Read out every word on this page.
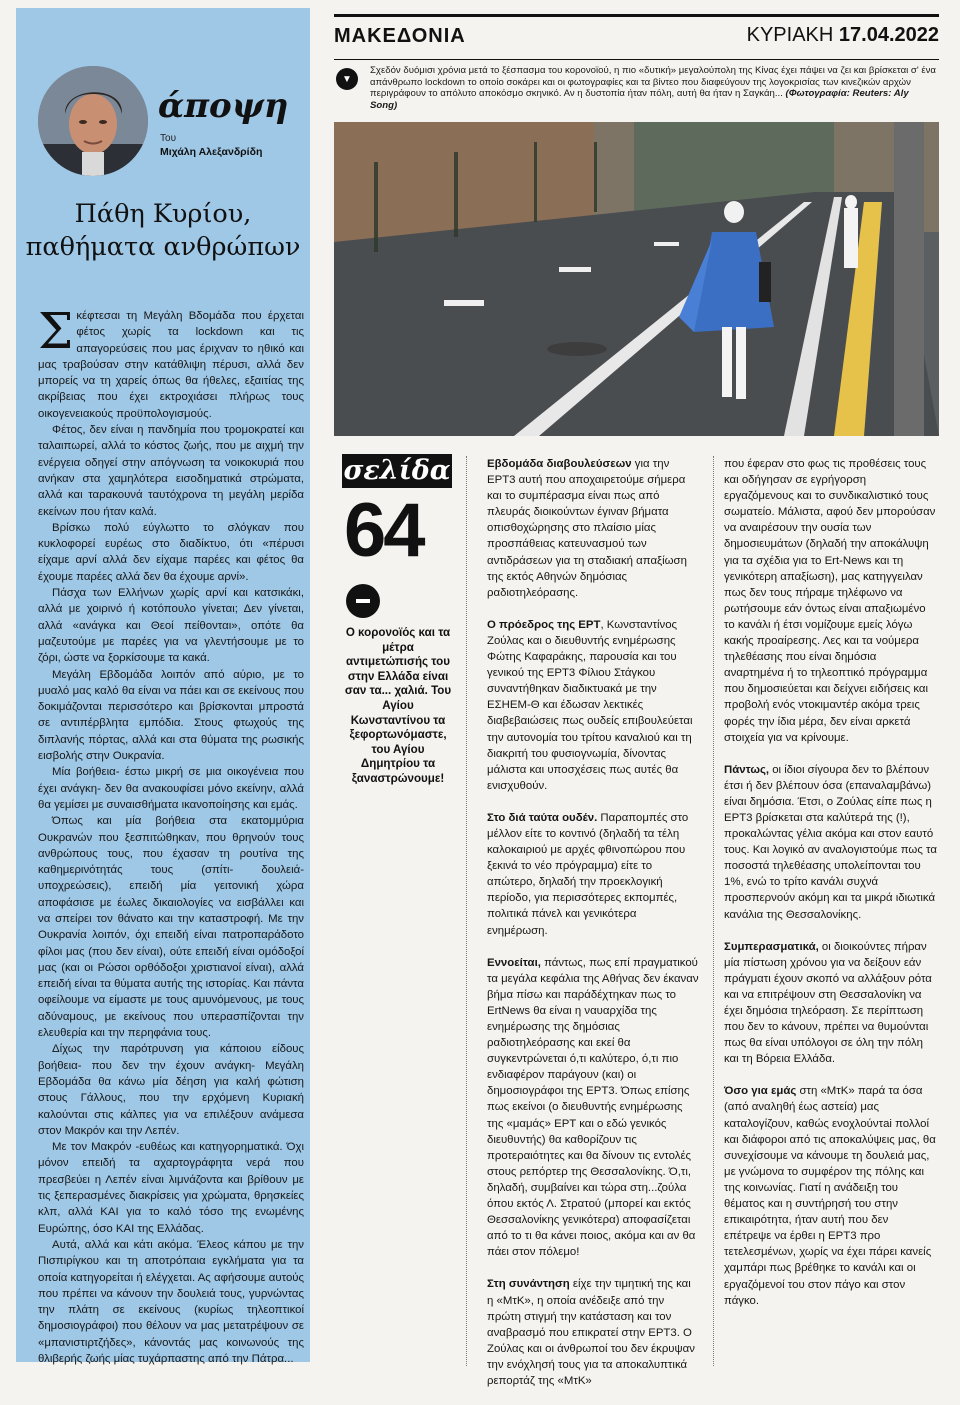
άποψη
Του
Μιχάλη Αλεξανδρίδη
Πάθη Κυρίου, παθήματα ανθρώπων

Σκέφτεσαι τη Μεγάλη Βδομάδα που έρχεται φέτος χωρίς τα lockdown και τις απαγορεύσεις που μας έριχναν το ηθικό και μας τραβούσαν στην κατάθλιψη πέρυσι, αλλά δεν μπορείς να τη χαρείς όπως θα ήθελες, εξαιτίας της ακρίβειας που έχει εκτροχιάσει πλήρως τους οικογενειακούς προϋπολογισμούς.

Φέτος, δεν είναι η πανδημία που τρομοκρατεί και ταλαιπωρεί, αλλά το κόστος ζωής, που με αιχμή την ενέργεια οδηγεί στην απόγνωση τα νοικοκυριά που ανήκαν στα χαμηλότερα εισοδηματικά στρώματα, αλλά και ταρακουνά ταυτόχρονα τη μεγάλη μερίδα εκείνων που ήταν καλά.

Βρίσκω πολύ εύγλωττο το σλόγκαν που κυκλοφορεί ευρέως στο διαδίκτυο, ότι «πέρυσι είχαμε αρνί αλλά δεν είχαμε παρέες και φέτος θα έχουμε παρέες αλλά δεν θα έχουμε αρνί».

Πάσχα των Ελλήνων χωρίς αρνί και κατσικάκι, αλλά με χοιρινό ή κοτόπουλο γίνεται; Δεν γίνεται, αλλά «ανάγκα και Θεοί πείθονται», οπότε θα μαζευτούμε με παρέες για να γλεντήσουμε με το ζόρι, ώστε να ξορκίσουμε τα κακά.

Μεγάλη Εβδομάδα λοιπόν από αύριο, με το μυαλό μας καλό θα είναι να πάει και σε εκείνους που δοκιμάζονται περισσότερο και βρίσκονται μπροστά σε αντιπέρβλητα εμπόδια. Στους φτωχούς της διπλανής πόρτας, αλλά και στα θύματα της ρωσικής εισβολής στην Ουκρανία.

Μία βοήθεια- έστω μικρή σε μια οικογένεια που έχει ανάγκη- δεν θα ανακουφίσει μόνο εκείνην, αλλά θα γεμίσει με συναισθήματα ικανοποίησης και εμάς.

Όπως και μία βοήθεια στα εκατομμύρια Ουκρανών που ξεσπιτώθηκαν, που θρηνούν τους ανθρώπους τους, που έχασαν τη ρουτίνα της καθημερινότητάς τους (σπίτι- δουλειά- υποχρεώσεις), επειδή μία γειτονική χώρα αποφάσισε με έωλες δικαιολογίες να εισβάλλει και να σπείρει τον θάνατο και την καταστροφή. Με την Ουκρανία λοιπόν, όχι επειδή είναι πατροπαράδοτο φίλοι μας (που δεν είναι), ούτε επειδή είναι ομόδοξοί μας (και οι Ρώσοι ορθόδοξοι χριστιανοί είναι), αλλά επειδή είναι τα θύματα αυτής της ιστορίας. Και πάντα οφείλουμε να είμαστε με τους αμυνόμενους, με τους αδύναμους, με εκείνους που υπερασπίζονται την ελευθερία και την περηφάνια τους.

Δίχως την παρότρυνση για κάποιου είδους βοήθεια- που δεν την έχουν ανάγκη- Μεγάλη Εβδομάδα θα κάνω μία δέηση για καλή φώτιση στους Γάλλους, που την ερχόμενη Κυριακή καλούνται στις κάλπες για να επιλέξουν ανάμεσα στον Μακρόν και την Λεπέν.

Με τον Μακρόν -ευθέως και κατηγορηματικά. Όχι μόνον επειδή τα αχαρτογράφητα νερά που πρεσβεύει η Λεπέν είναι λιμνάζοντα και βρίθουν με τις ξεπερασμένες διακρίσεις για χρώματα, θρησκείες κλπ, αλλά ΚΑΙ για το καλό τόσο της ενωμένης Ευρώπης, όσο ΚΑΙ της Ελλάδας.

Αυτά, αλλά και κάτι ακόμα. Έλεος κάπου με την Πισπιρίγκου και τη αποτρόπαια εγκλήματα για τα οποία κατηγορείται ή ελέγχεται. Ας αφήσουμε αυτούς που πρέπει να κάνουν την δουλειά τους, γυρνώντας την πλάτη σε εκείνους (κυρίως τηλεοπτικοί δημοσιογράφοι) που θέλουν να μας μετατρέψουν σε «μπανιστιρτζήδες», κάνοντάς μας κοινωνούς της θλιβερής ζωής μίας τυχάρπαστης από την Πάτρα...

ΜΑΚΕΔΟΝΙΑ	ΚΥΡΙΑΚΗ 17.04.2022
▼
Σχεδόν δυόμισι χρόνια μετά το ξέσπασμα του κορονοϊού, η πιο «δυτική» μεγαλούπολη της Κίνας έχει πάψει να ζει και βρίσκεται σ' ένα απάνθρωπο lockdown το οποίο σοκάρει και οι φωτογραφίες και τα βίντεο που διαφεύγουν της λογοκρισίας των κινεζικών αρχών περιγράφουν το απόλυτο αποκόσμο σκηνικό. Αν η δυστοπία ήταν πόλη, αυτή θα ήταν η Σαγκάη... (Φωτογραφία: Reuters: Aly Song)
σελίδα
64
Ο κορονοϊός και τα μέτρα αντιμετώπισής του στην Ελλάδα είναι σαν τα... χαλιά. Του Αγίου Κωνσταντίνου τα ξεφορτωνόμαστε, του Αγίου Δημητρίου τα ξαναστρώνουμε!

Εβδομάδα διαβουλεύσεων για την ΕΡΤ3 αυτή που αποχαιρετούμε σήμερα και το συμπέρασμα είναι πως από πλευράς διοικούντων έγιναν βήματα οπισθοχώρησης στο πλαίσιο μίας προσπάθειας κατευνασμού των αντιδράσεων για τη σταδιακή απαξίωση της εκτός Αθηνών δημόσιας ραδιοτηλεόρασης.

Ο πρόεδρος της ΕΡΤ, Κωνσταντίνος Ζούλας και ο διευθυντής ενημέρωσης Φώτης Καφαράκης, παρουσία και του γενικού της ΕΡΤ3 Φίλιου Στάγκου συναντήθηκαν διαδικτυακά με την ΕΣΗΕΜ-Θ και έδωσαν λεκτικές διαβεβαιώσεις πως ουδείς επιβουλεύεται την αυτονομία του τρίτου καναλιού και τη διακριτή του φυσιογνωμία, δίνοντας μάλιστα και υποσχέσεις πως αυτές θα ενισχυθούν.

Στο διά ταύτα ουδέν. Παραπομπές στο μέλλον είτε το κοντινό (δηλαδή τα τέλη καλοκαιριού με αρχές φθινοπώρου που ξεκινά το νέο πρόγραμμα) είτε το απώτερο, δηλαδή την προεκλογική περίοδο, για περισσότερες εκπομπές, πολιτικά πάνελ και γενικότερα ενημέρωση.

Εννοείται, πάντως, πως επί πραγματικού τα μεγάλα κεφάλια της Αθήνας δεν έκαναν βήμα πίσω και παράδέχτηκαν πως το ErtNews θα είναι η ναυαρχίδα της ενημέρωσης της δημόσιας ραδιοτηλεόρασης και εκεί θα συγκεντρώνεται ό,τι καλύτερο, ό,τι πιο ενδιαφέρον παράγουν (και) οι δημοσιογράφοι της ΕΡΤ3. Όπως επίσης πως εκείνοι (ο διευθυντής ενημέρωσης της «μαμάς» ΕΡΤ και ο εδώ γενικός διευθυντής) θα καθορίζουν τις προτεραιότητες και θα δίνουν τις εντολές στους ρεπόρτερ της Θεσσαλονίκης. Ό,τι, δηλαδή, συμβαίνει και τώρα στη...ζούλα όπου εκτός Λ. Στρατού (μπορεί και εκτός Θεσσαλονίκης γενικότερα) αποφασίζεται από το τι θα κάνει ποιος, ακόμα και αν θα πάει στον πόλεμο!

Στη συνάντηση είχε την τιμητική της και η «ΜτΚ», η οποία ανέδειξε από την πρώτη στιγμή την κατάσταση και τον αναβρασμό που επικρατεί στην ΕΡΤ3. Ο Ζούλας και οι άνθρωποί του δεν έκρυψαν την ενόχλησή τους για τα αποκαλυπτικά ρεπορτάζ της «ΜτΚ»

που έφεραν στο φως τις προθέσεις τους και οδήγησαν σε εγρήγορση εργαζόμενους και το συνδικαλιστικό τους σωματείο. Μάλιστα, αφού δεν μπορούσαν να αναιρέσουν την ουσία των δημοσιευμάτων (δηλαδή την αποκάλυψη για τα σχέδια για το Ert-News και τη γενικότερη απαξίωση), μας κατηγγειλαν πως δεν τους πήραμε τηλέφωνο να ρωτήσουμε εάν όντως είναι απαξιωμένο το κανάλι ή έτσι νομίζουμε εμείς λόγω κακής προαίρεσης. Λες και τα νούμερα τηλεθέασης που είναι δημόσια αναρτημένα ή το τηλεοπτικό πρόγραμμα που δημοσιεύεται και δείχνει ειδήσεις και προβολή ενός ντοκιμαντέρ ακόμα τρεις φορές την ίδια μέρα, δεν είναι αρκετά στοιχεία για να κρίνουμε.

Πάντως, οι ίδιοι σίγουρα δεν το βλέπουν έτσι ή δεν βλέπουν όσα (επαναλαμβάνω) είναι δημόσια. Έτσι, ο Ζούλας είπε πως η ΕΡΤ3 βρίσκεται στα καλύτερά της (!), προκαλώντας γέλια ακόμα και στον εαυτό τους. Και λογικό αν αναλογιστούμε πως τα ποσοστά τηλεθέασης υπολείπονται του 1%, ενώ το τρίτο κανάλι συχνά προσπερνούν ακόμη και τα μικρά ιδιωτικά κανάλια της Θεσσαλονίκης.

Συμπερασματικά, οι διοικούντες πήραν μία πίστωση χρόνου για να δείξουν εάν πράγματι έχουν σκοπό να αλλάξουν ρότα και να επιτρέψουν στη Θεσσαλονίκη να έχει δημόσια τηλεόραση. Σε περίπτωση που δεν το κάνουν, πρέπει να θυμούνται πως θα είναι υπόλογοι σε όλη την πόλη και τη Βόρεια Ελλάδα.

Όσο για εμάς στη «ΜτΚ» παρά τα όσα (από αναληθή έως αστεία) μας καταλογίζουν, καθώς ενοχλούντai πολλοί και διάφοροι από τις αποκαλύψεις μας, θα συνεχίσουμε να κάνουμε τη δουλειά μας, με γνώμονα το συμφέρον της πόλης και της κοινωνίας. Γιατί η ανάδειξη του θέματος και η συντήρησή του στην επικαιρότητα, ήταν αυτή που δεν επέτρεψε να έρθει η ΕΡΤ3 προ τετελεσμένων, χωρίς να έχει πάρει κανείς χαμπάρι πως βρέθηκε το κανάλι και οι εργαζόμενοί του στον πάγο και στον πάγκο.
